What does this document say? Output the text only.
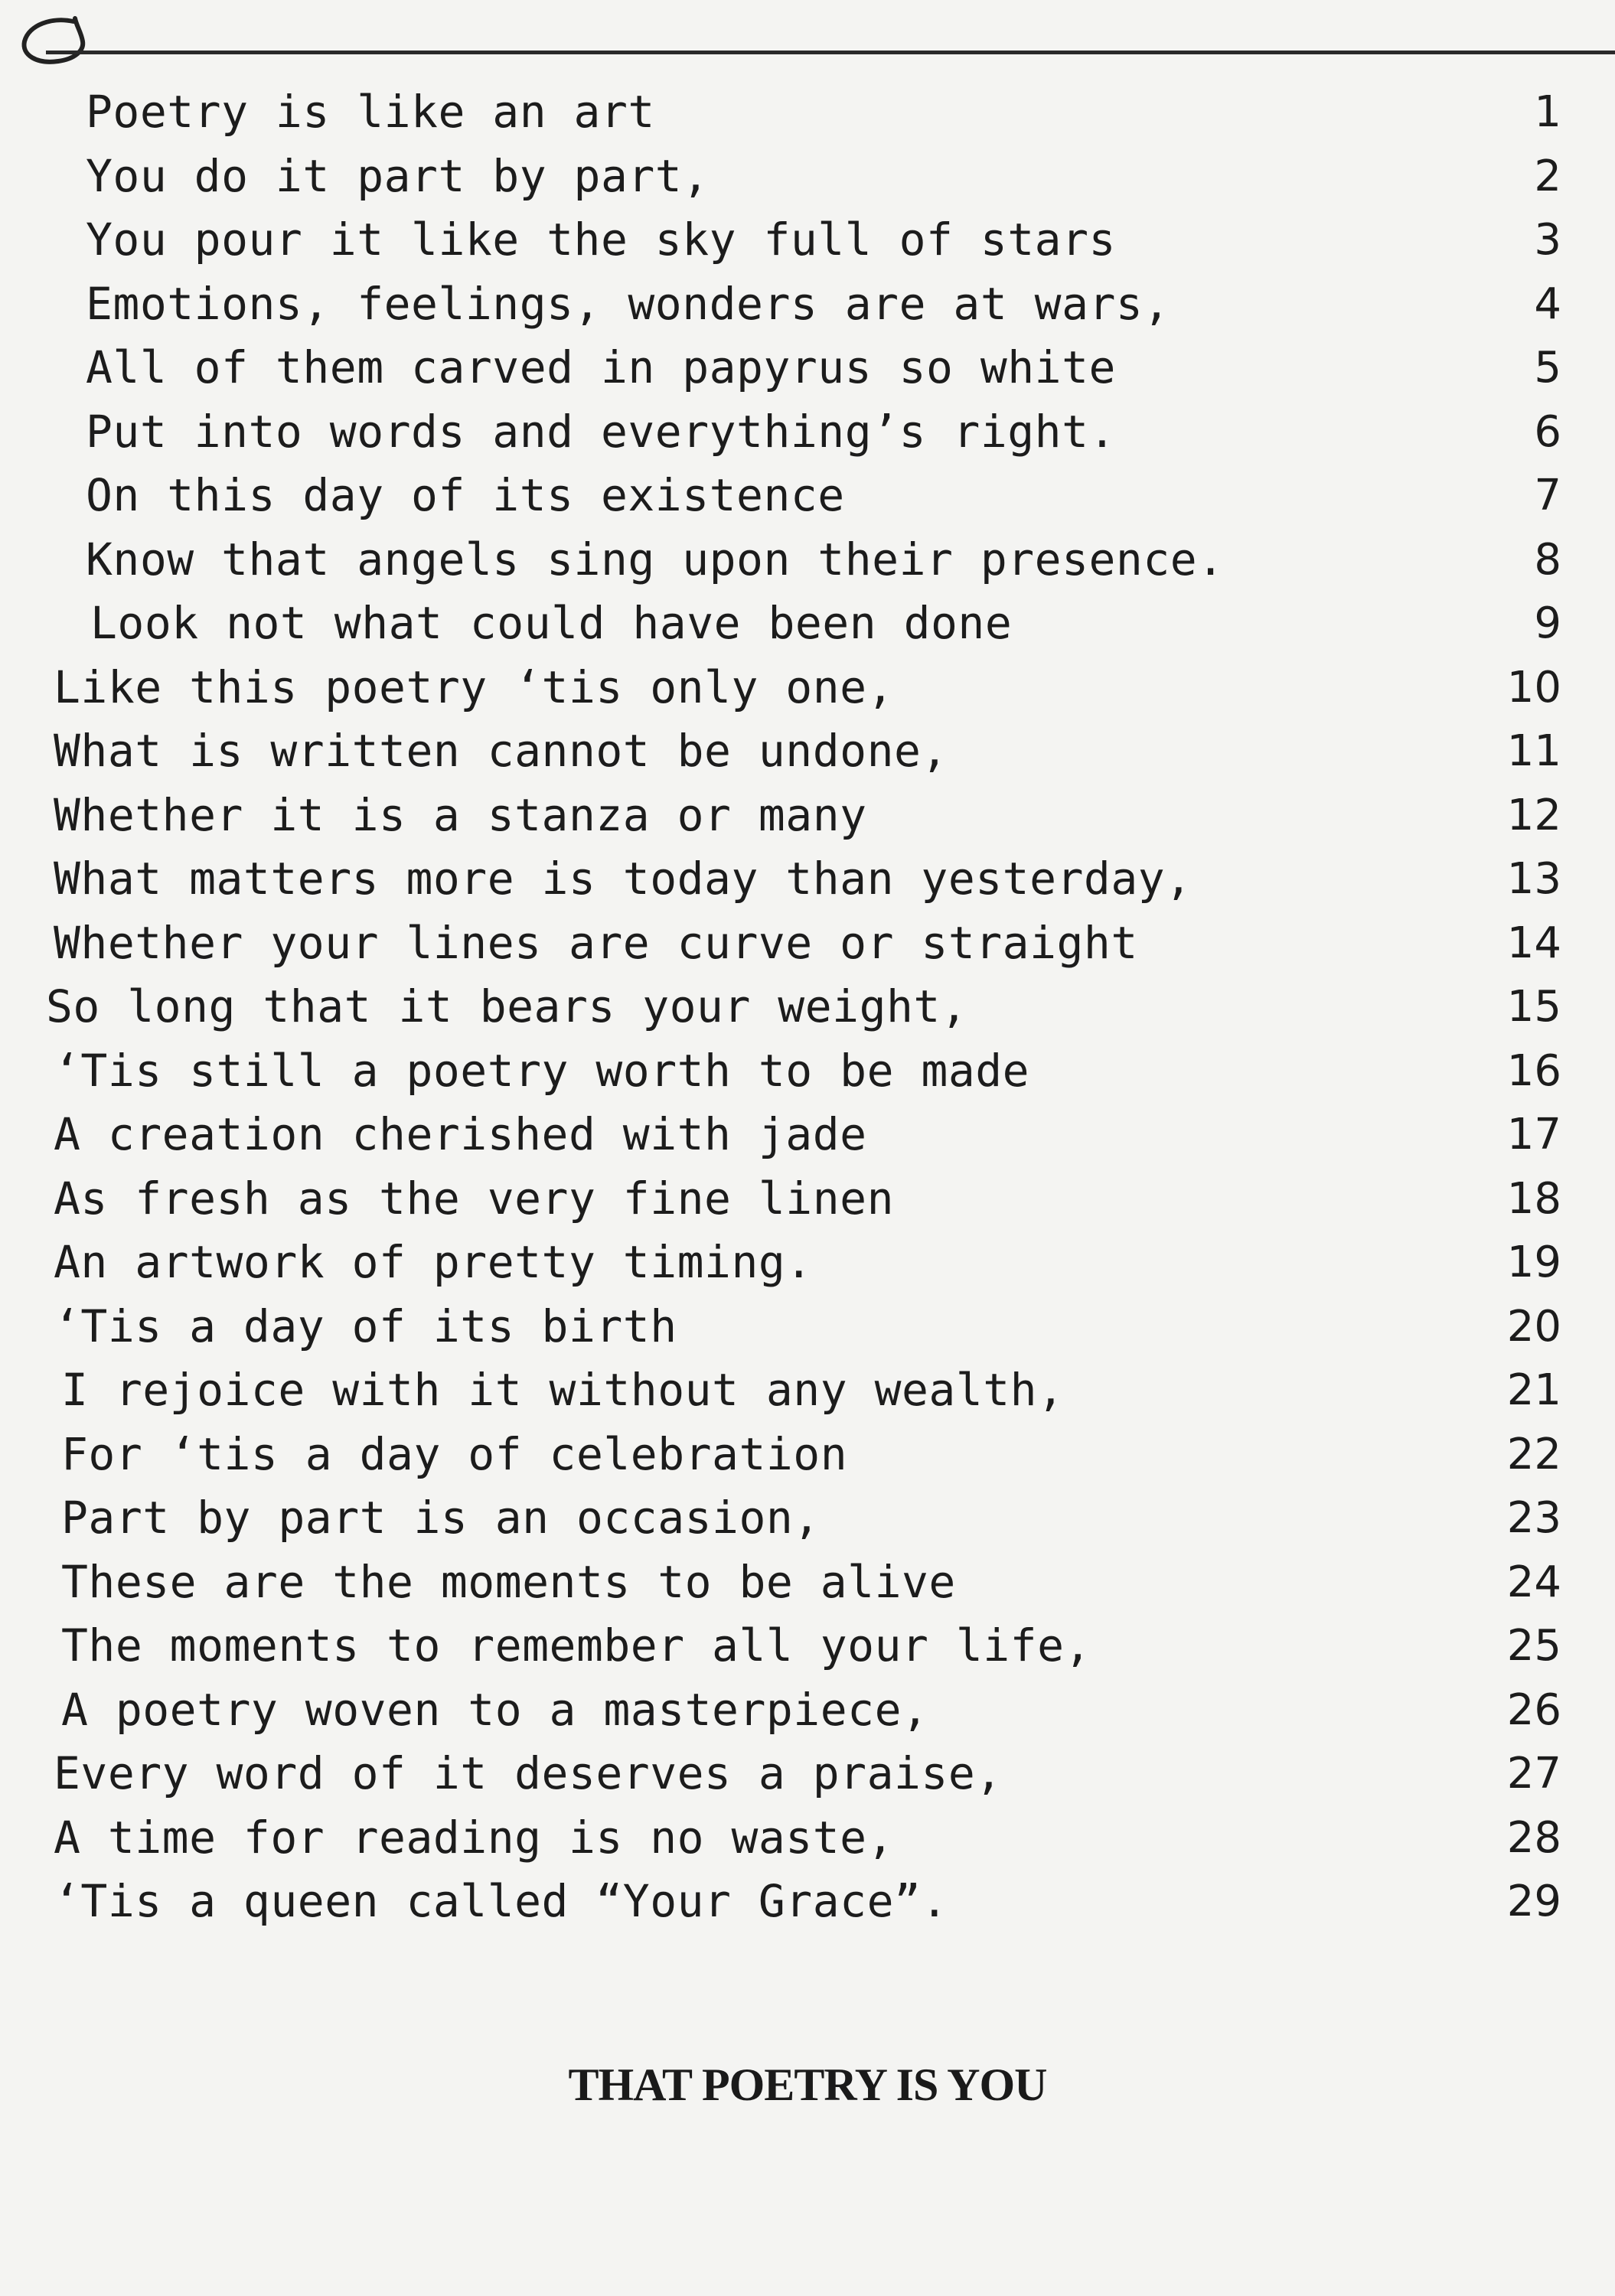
Poetry is like an art	1
You do it part by part,	2
You pour it like the sky full of stars	3
Emotions, feelings, wonders are at wars,	4
All of them carved in papyrus so white	5
Put into words and everything’s right.	6
On this day of its existence	7
Know that angels sing upon their presence.	8
Look not what could have been done	9
Like this poetry ‘tis only one,	10
What is written cannot be undone,	11
Whether it is a stanza or many	12
What matters more is today than yesterday,	13
Whether your lines are curve or straight	14
So long that it bears your weight,	15
‘Tis still a poetry worth to be made	16
A creation cherished with jade	17
As fresh as the very fine linen	18
An artwork of pretty timing.	19
‘Tis a day of its birth	20
I rejoice with it without any wealth,	21
For ‘tis a day of celebration	22
Part by part is an occasion,	23
These are the moments to be alive	24
The moments to remember all your life,	25
A poetry woven to a masterpiece,	26
Every word of it deserves a praise,	27
A time for reading is no waste,	28
‘Tis a queen called “Your Grace”.	29
THAT POETRY IS YOU
